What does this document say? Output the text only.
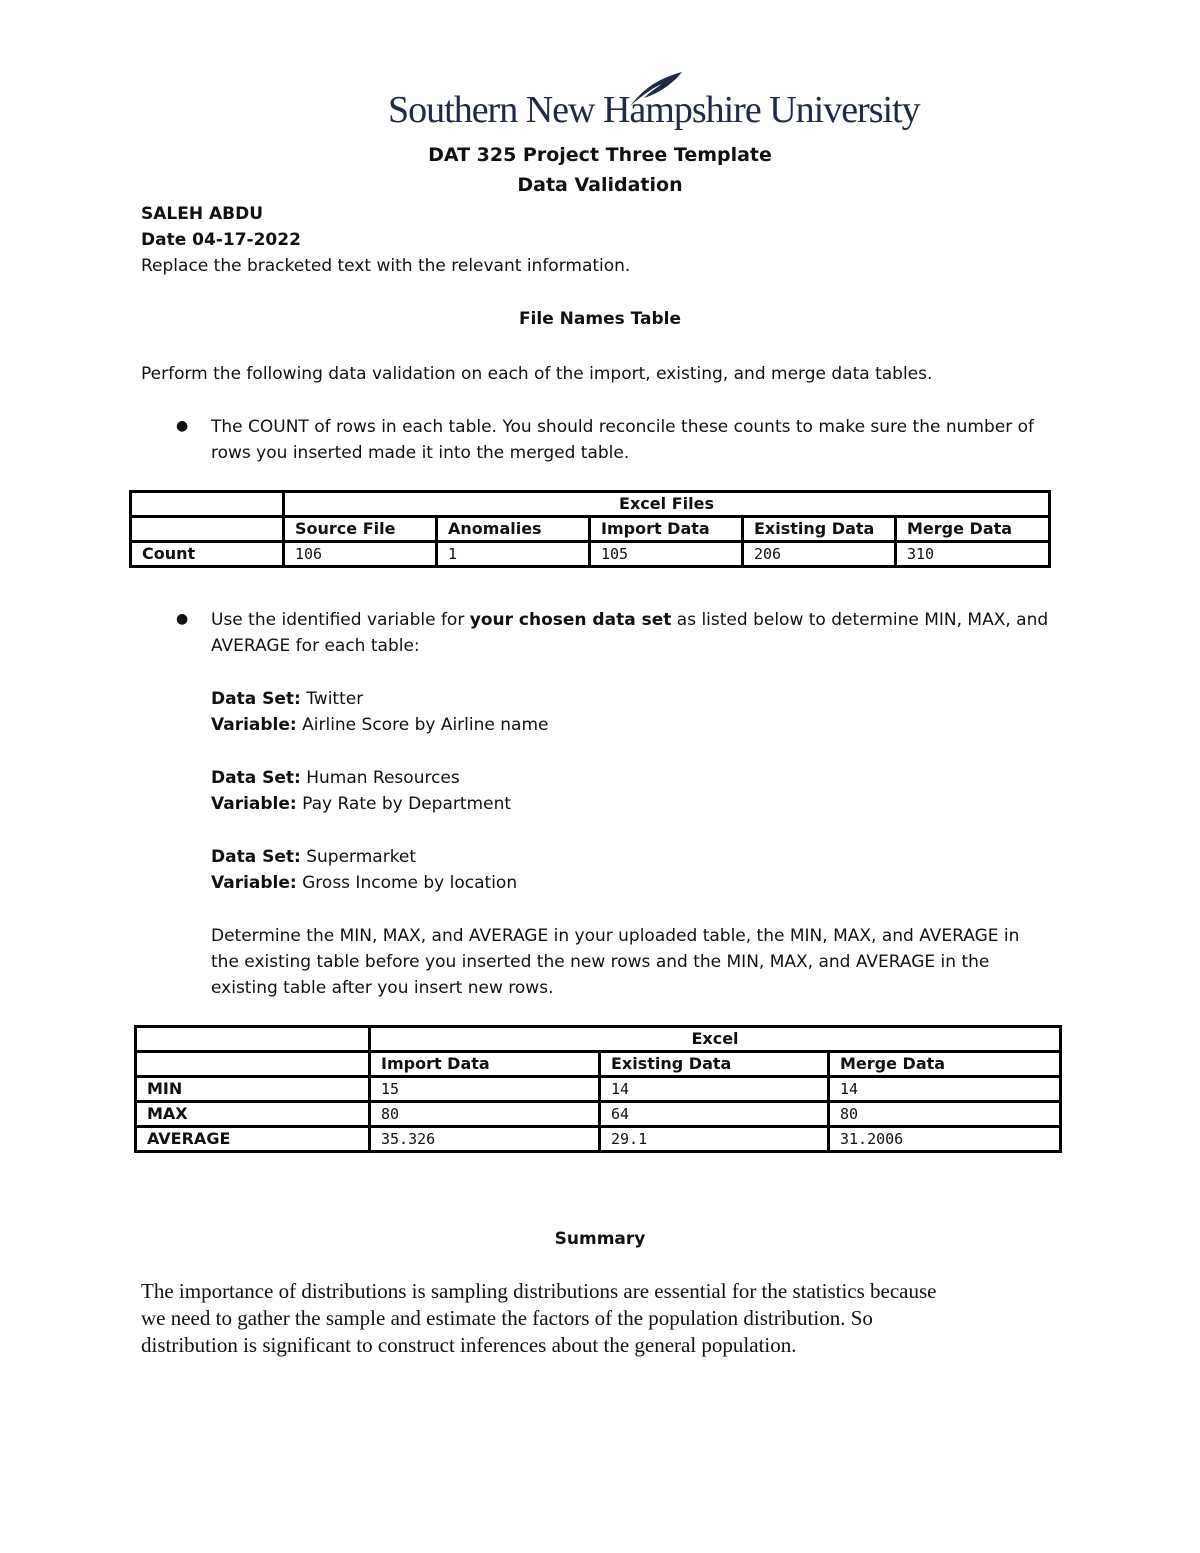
Southern New Hampshire University
DAT 325 Project Three Template
Data Validation
SALEH ABDU
Date 04-17-2022
Replace the bracketed text with the relevant information.
File Names Table
Perform the following data validation on each of the import, existing, and merge data tables.
● The COUNT of rows in each table. You should reconcile these counts to make sure the number of
rows you inserted made it into the merged table.
	Excel Files				
	Source File	Anomalies	Import Data	Existing Data	Merge Data
Count	106	1	105	206	310
● Use the identified variable for your chosen data set as listed below to determine MIN, MAX, and
AVERAGE for each table:
Data Set: Twitter
Variable: Airline Score by Airline name
Data Set: Human Resources
Variable: Pay Rate by Department
Data Set: Supermarket
Variable: Gross Income by location
Determine the MIN, MAX, and AVERAGE in your uploaded table, the MIN, MAX, and AVERAGE in
the existing table before you inserted the new rows and the MIN, MAX, and AVERAGE in the
existing table after you insert new rows.
	Excel		
	Import Data	Existing Data	Merge Data
MIN	15	14	14
MAX	80	64	80
AVERAGE	35.326	29.1	31.2006
Summary
The importance of distributions is sampling distributions are essential for the statistics because
we need to gather the sample and estimate the factors of the population distribution. So
distribution is significant to construct inferences about the general population.
